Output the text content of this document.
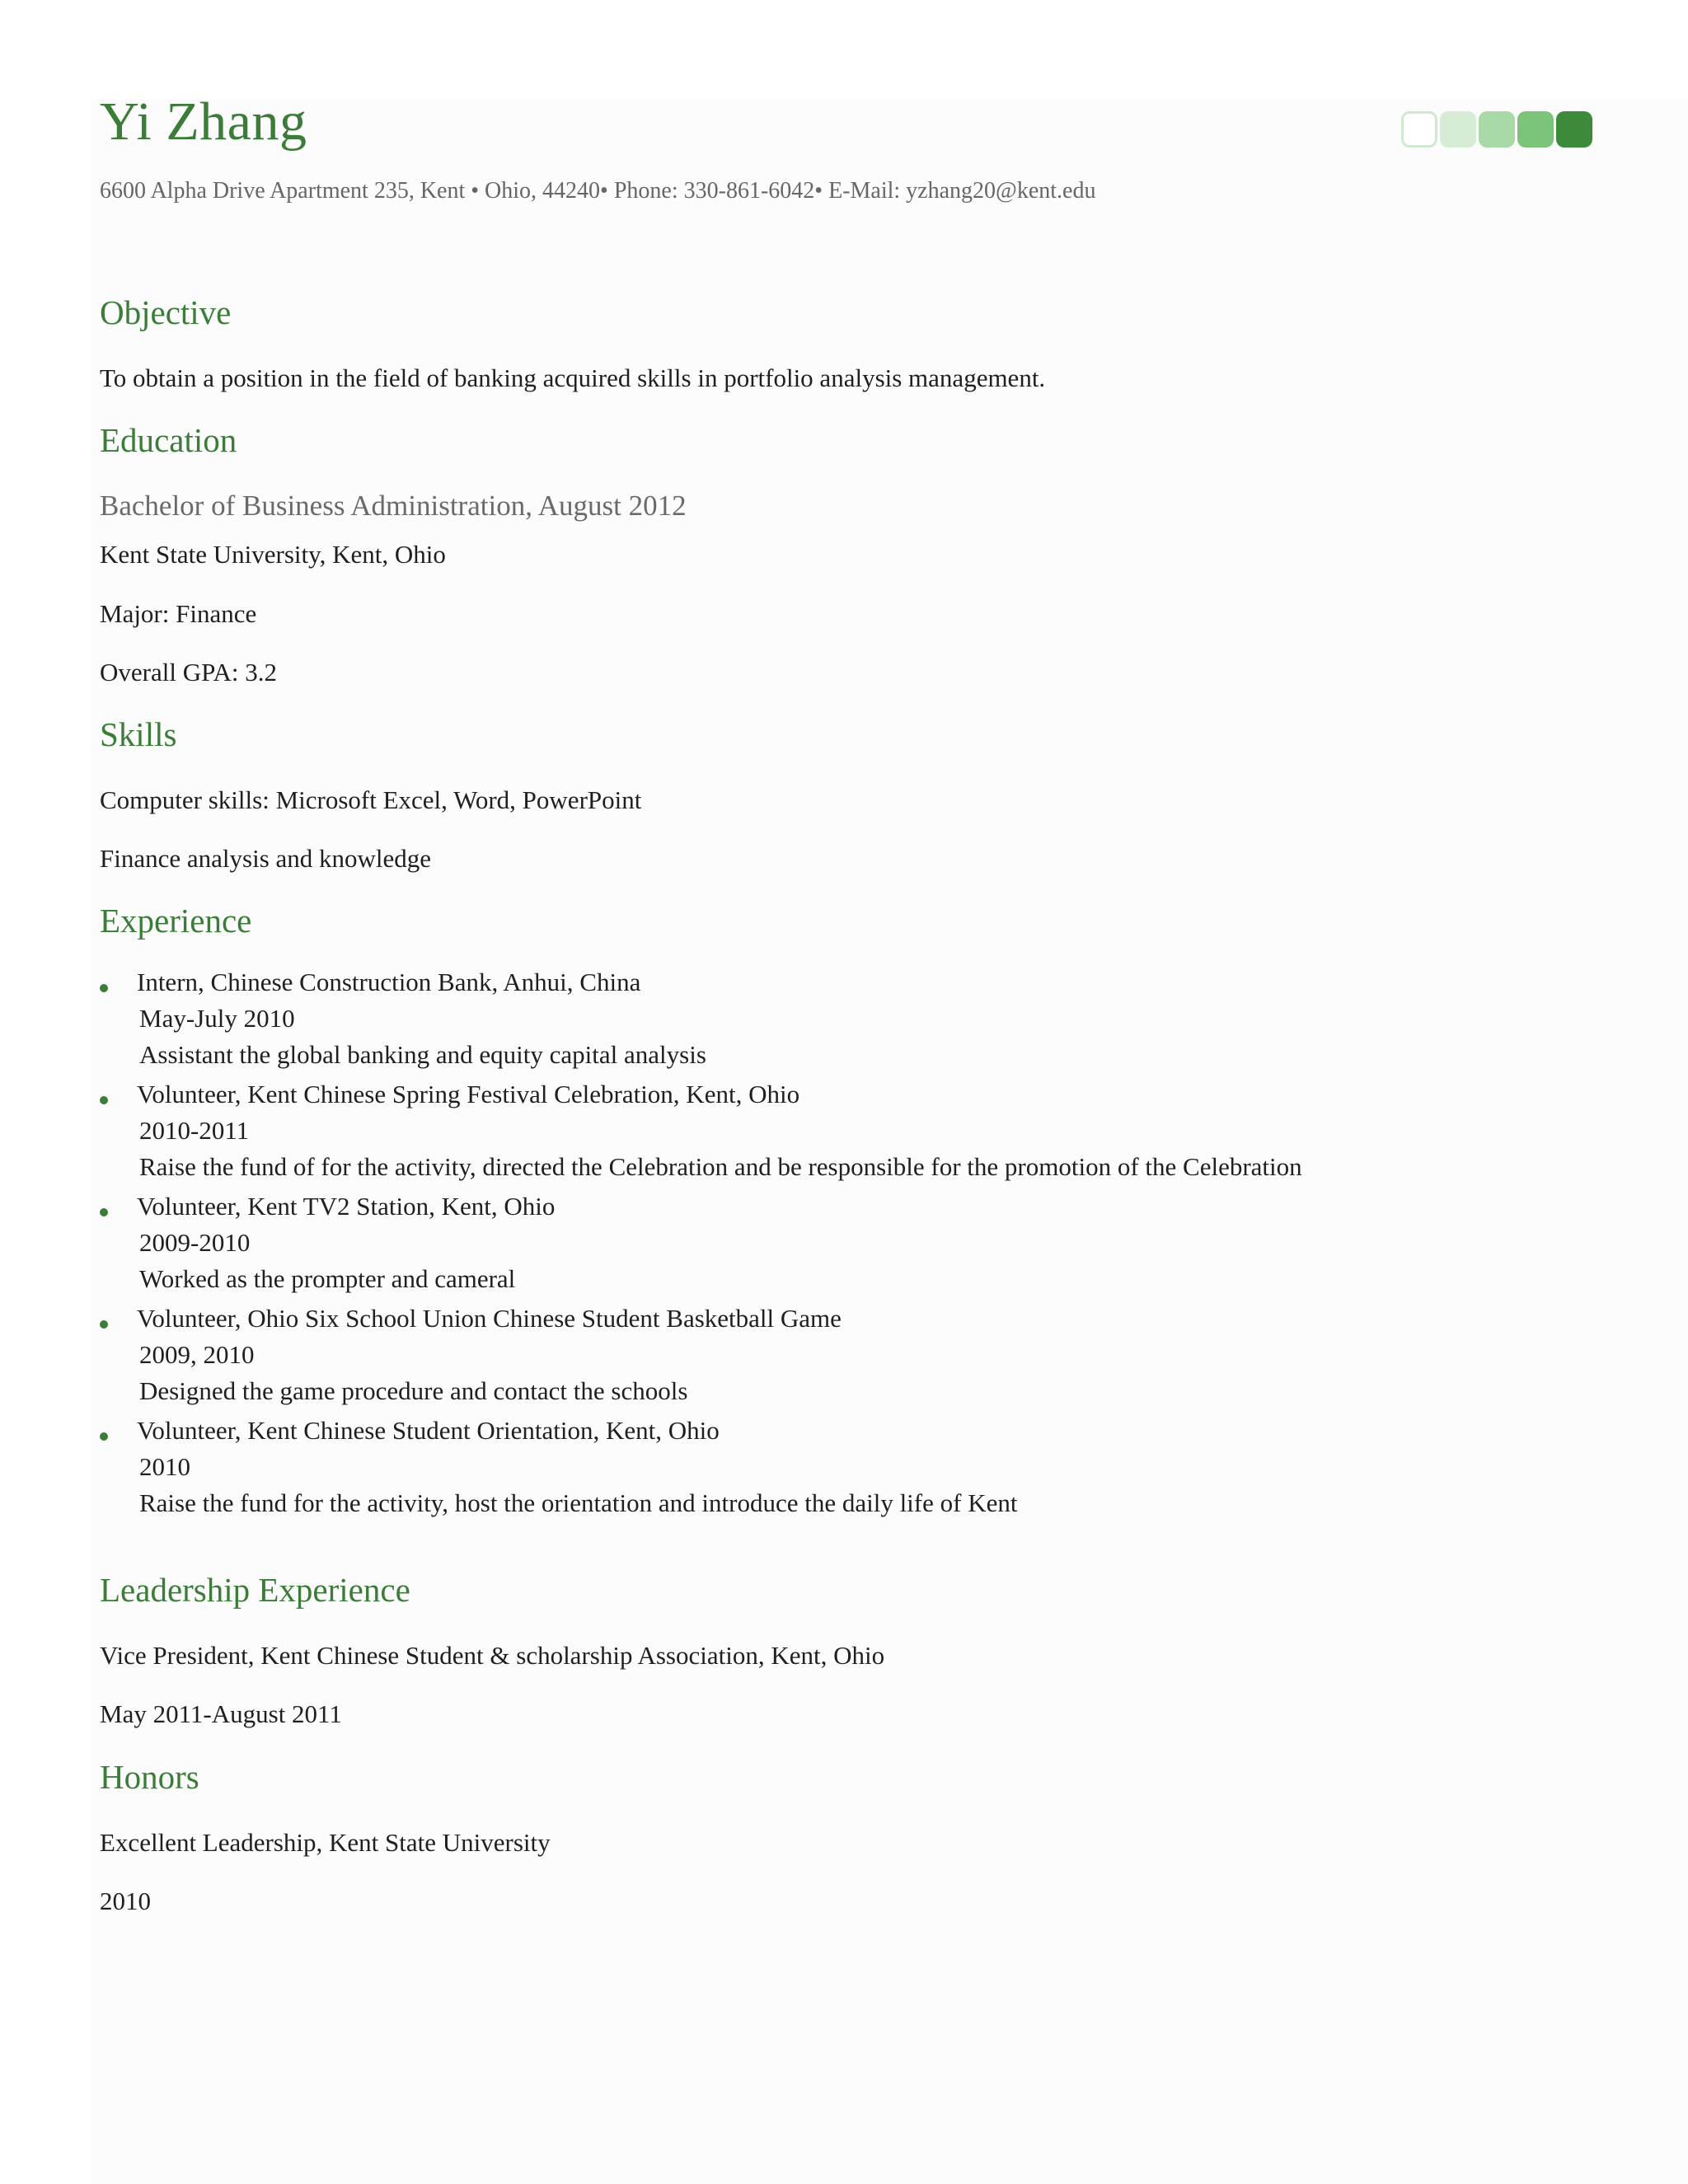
Yi Zhang
6600 Alpha Drive Apartment 235, Kent • Ohio, 44240• Phone: 330-861-6042• E-Mail: yzhang20@kent.edu
Objective

To obtain a position in the field of banking acquired skills in portfolio analysis management.

Education

Bachelor of Business Administration, August 2012

Kent State University, Kent, Ohio

Major: Finance

Overall GPA: 3.2

Skills

Computer skills: Microsoft Excel, Word, PowerPoint

Finance analysis and knowledge

Experience
Intern, Chinese Construction Bank, Anhui, China
May-July 2010
Assistant the global banking and equity capital analysis
Volunteer, Kent Chinese Spring Festival Celebration, Kent, Ohio
2010-2011
Raise the fund of for the activity, directed the Celebration and be responsible for the promotion of the Celebration
Volunteer, Kent TV2 Station, Kent, Ohio
2009-2010
Worked as the prompter and cameral
Volunteer, Ohio Six School Union Chinese Student Basketball Game
2009, 2010
Designed the game procedure and contact the schools
Volunteer, Kent Chinese Student Orientation, Kent, Ohio
2010
Raise the fund for the activity, host the orientation and introduce the daily life of Kent
Leadership Experience

Vice President, Kent Chinese Student & scholarship Association, Kent, Ohio

May 2011-August 2011

Honors

Excellent Leadership, Kent State University

2010
